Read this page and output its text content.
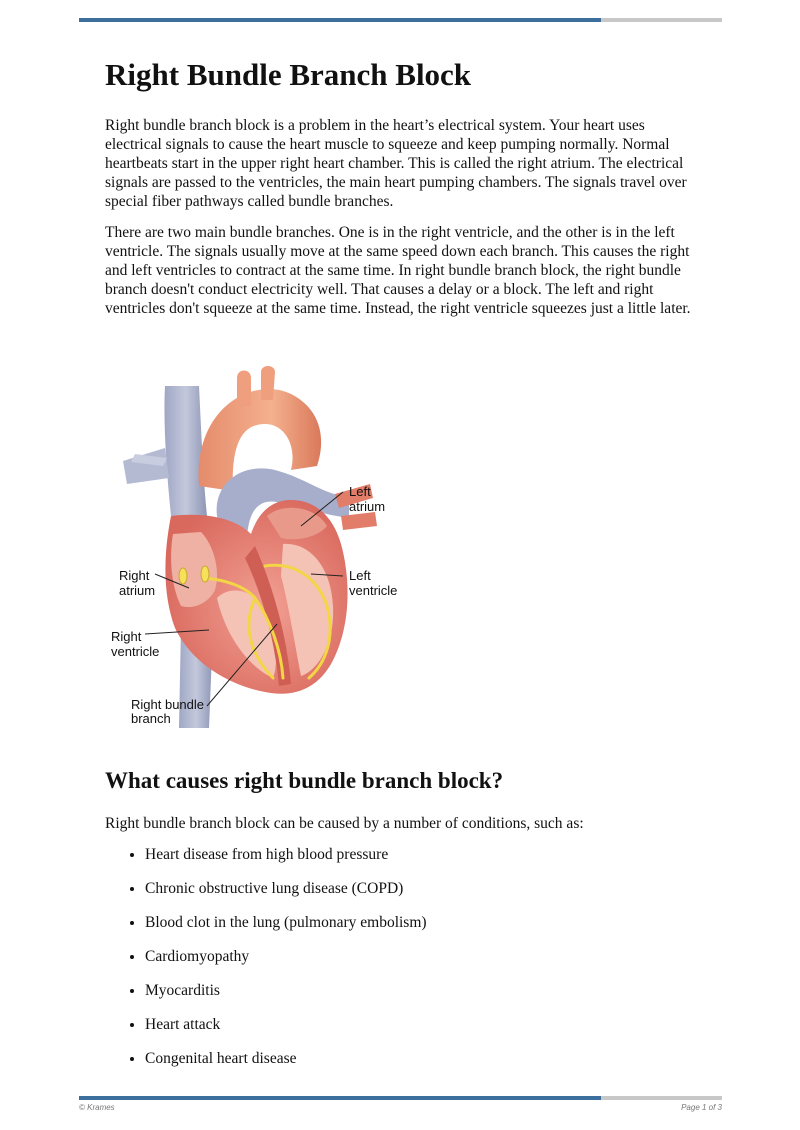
Right Bundle Branch Block

Right bundle branch block is a problem in the heart’s electrical system. Your heart uses electrical signals to cause the heart muscle to squeeze and keep pumping normally. Normal heartbeats start in the upper right heart chamber. This is called the right atrium. The electrical signals are passed to the ventricles, the main heart pumping chambers. The signals travel over special fiber pathways called bundle branches.

There are two main bundle branches. One is in the right ventricle, and the other is in the left ventricle. The signals usually move at the same speed down each branch. This causes the right and left ventricles to contract at the same time. In right bundle branch block, the right bundle branch doesn't conduct electricity well. That causes a delay or a block. The left and right ventricles don't squeeze at the same time. Instead, the right ventricle squeezes just a little later.

Left
atrium
Left
ventricle
Right
atrium
Right
ventricle
Right bundle
branch
What causes right bundle branch block?

Right bundle branch block can be caused by a number of conditions, such as:

• Heart disease from high blood pressure
• Chronic obstructive lung disease (COPD)
• Blood clot in the lung (pulmonary embolism)
• Cardiomyopathy
• Myocarditis
• Heart attack
• Congenital heart disease
© Krames	Page 1 of 3
